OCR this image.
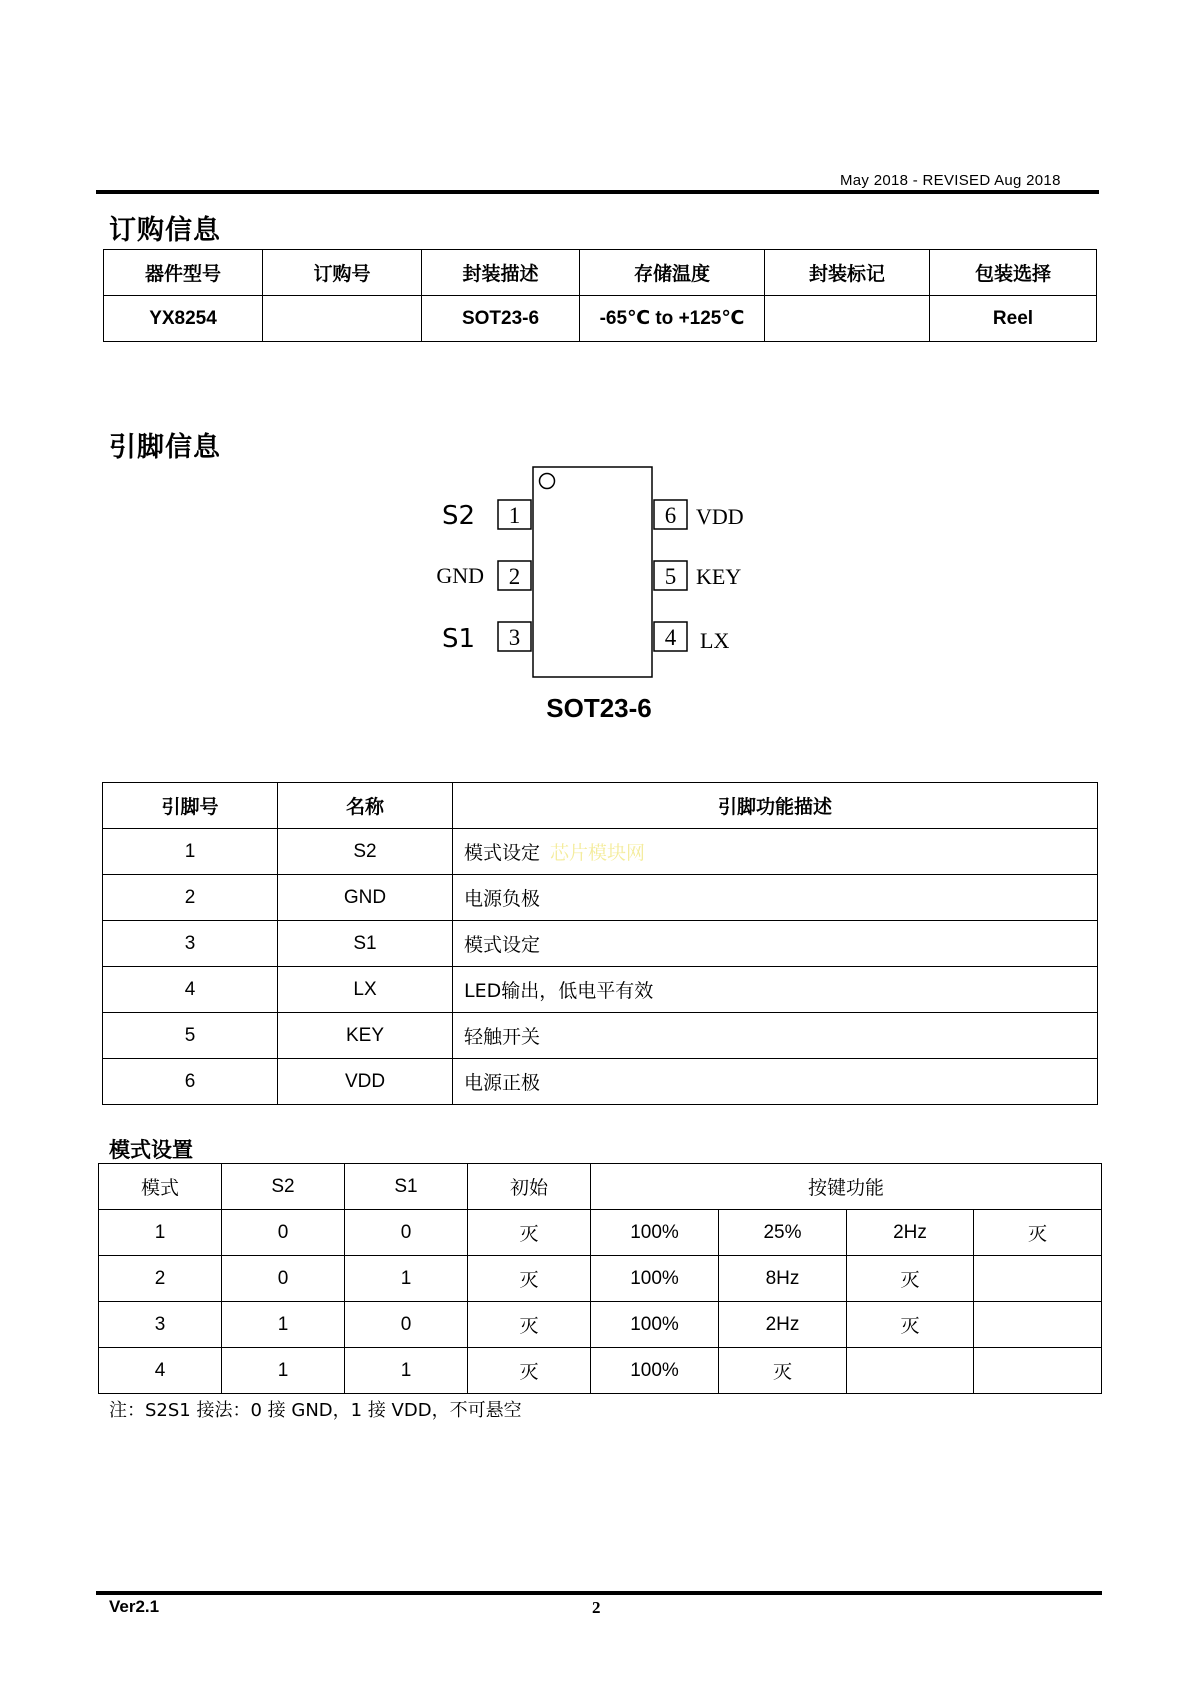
May 2018 - REVISED Aug 2018
订购信息
器件型号	订购号	封装描述	存储温度	封装标记	包装选择
YX8254		SOT23-6	-65℃ to +125℃		Reel
引脚信息
1
S2
2
GND
3
S1
6 VDD
5 KEY
4 LX
SOT23-6
引脚号	名称	引脚功能描述
1	S2	模式设定 芯片模块网
2	GND	电源负极
3	S1	模式设定
4	LX	LED输出，低电平有效
5	KEY	轻触开关
6	VDD	电源正极
模式设置
模式	S2	S1	初始	按键功能			
1	0	0	灭	100%	25%	2Hz	灭
2	0	1	灭	100%	8Hz	灭	
3	1	0	灭	100%	2Hz	灭	
4	1	1	灭	100%	灭		
注：S2S1 接法：0 接 GND，1 接 VDD，不可悬空
Ver2.1	2
